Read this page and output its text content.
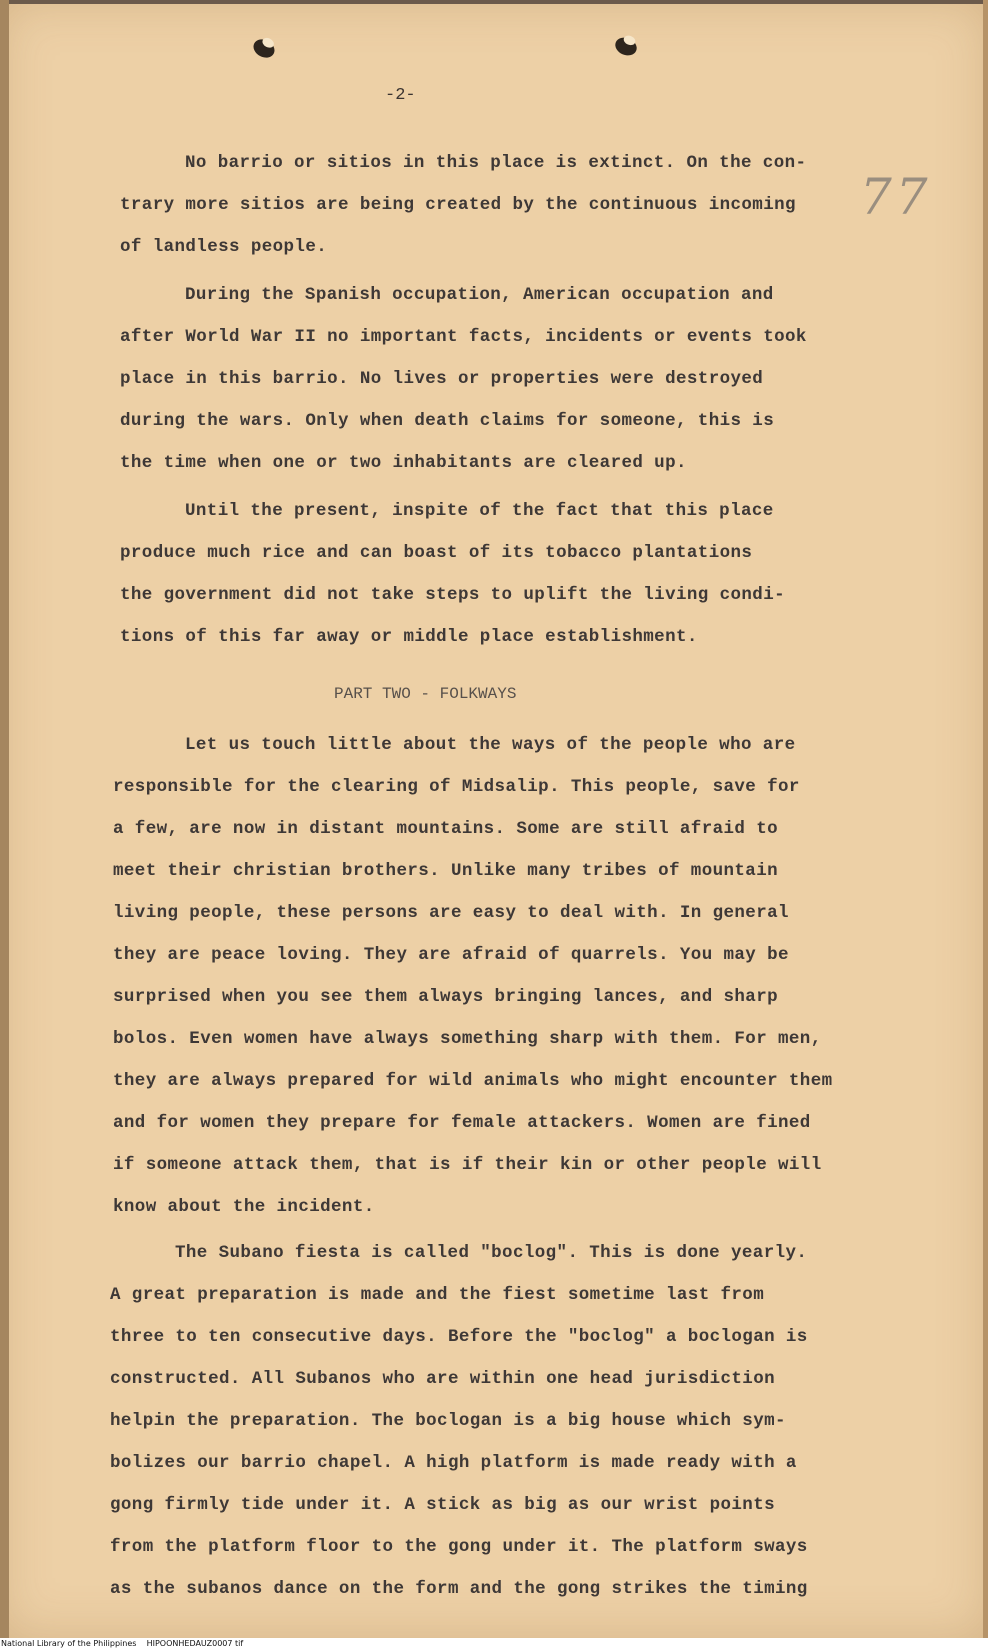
-2-
77
No barrio or sitios in this place is extinct. On the con-
trary more sitios are being created by the continuous incoming
of landless people.
During the Spanish occupation, American occupation and
after World War II no important facts, incidents or events took
place in this barrio. No lives or properties were destroyed
during the wars. Only when death claims for someone, this is
the time when one or two inhabitants are cleared up.
Until the present, inspite of the fact that this place
produce much rice and can boast of its tobacco plantations
the government did not take steps to uplift the living condi-
tions of this far away or middle place establishment.
PART TWO - FOLKWAYS
Let us touch little about the ways of the people who are
responsible for the clearing of Midsalip. This people, save for
a few, are now in distant mountains. Some are still afraid to
meet their christian brothers. Unlike many tribes of mountain
living people, these persons are easy to deal with. In general
they are peace loving. They are afraid of quarrels. You may be
surprised when you see them always bringing lances, and sharp
bolos. Even women have always something sharp with them. For men,
they are always prepared for wild animals who might encounter them
and for women they prepare for female attackers. Women are fined
if someone attack them, that is if their kin or other people will
know about the incident.
The Subano fiesta is called "boclog". This is done yearly.
A great preparation is made and the fiest sometime last from
three to ten consecutive days. Before the "boclog" a boclogan is
constructed. All Subanos who are within one head jurisdiction
helpin the preparation. The boclogan is a big house which sym-
bolizes our barrio chapel. A high platform is made ready with a
gong firmly tide under it. A stick as big as our wrist points
from the platform floor to the gong under it. The platform sways
as the subanos dance on the form and the gong strikes the timing
National Library of the Philippines    HIPOONHEDAUZ0007 tif
